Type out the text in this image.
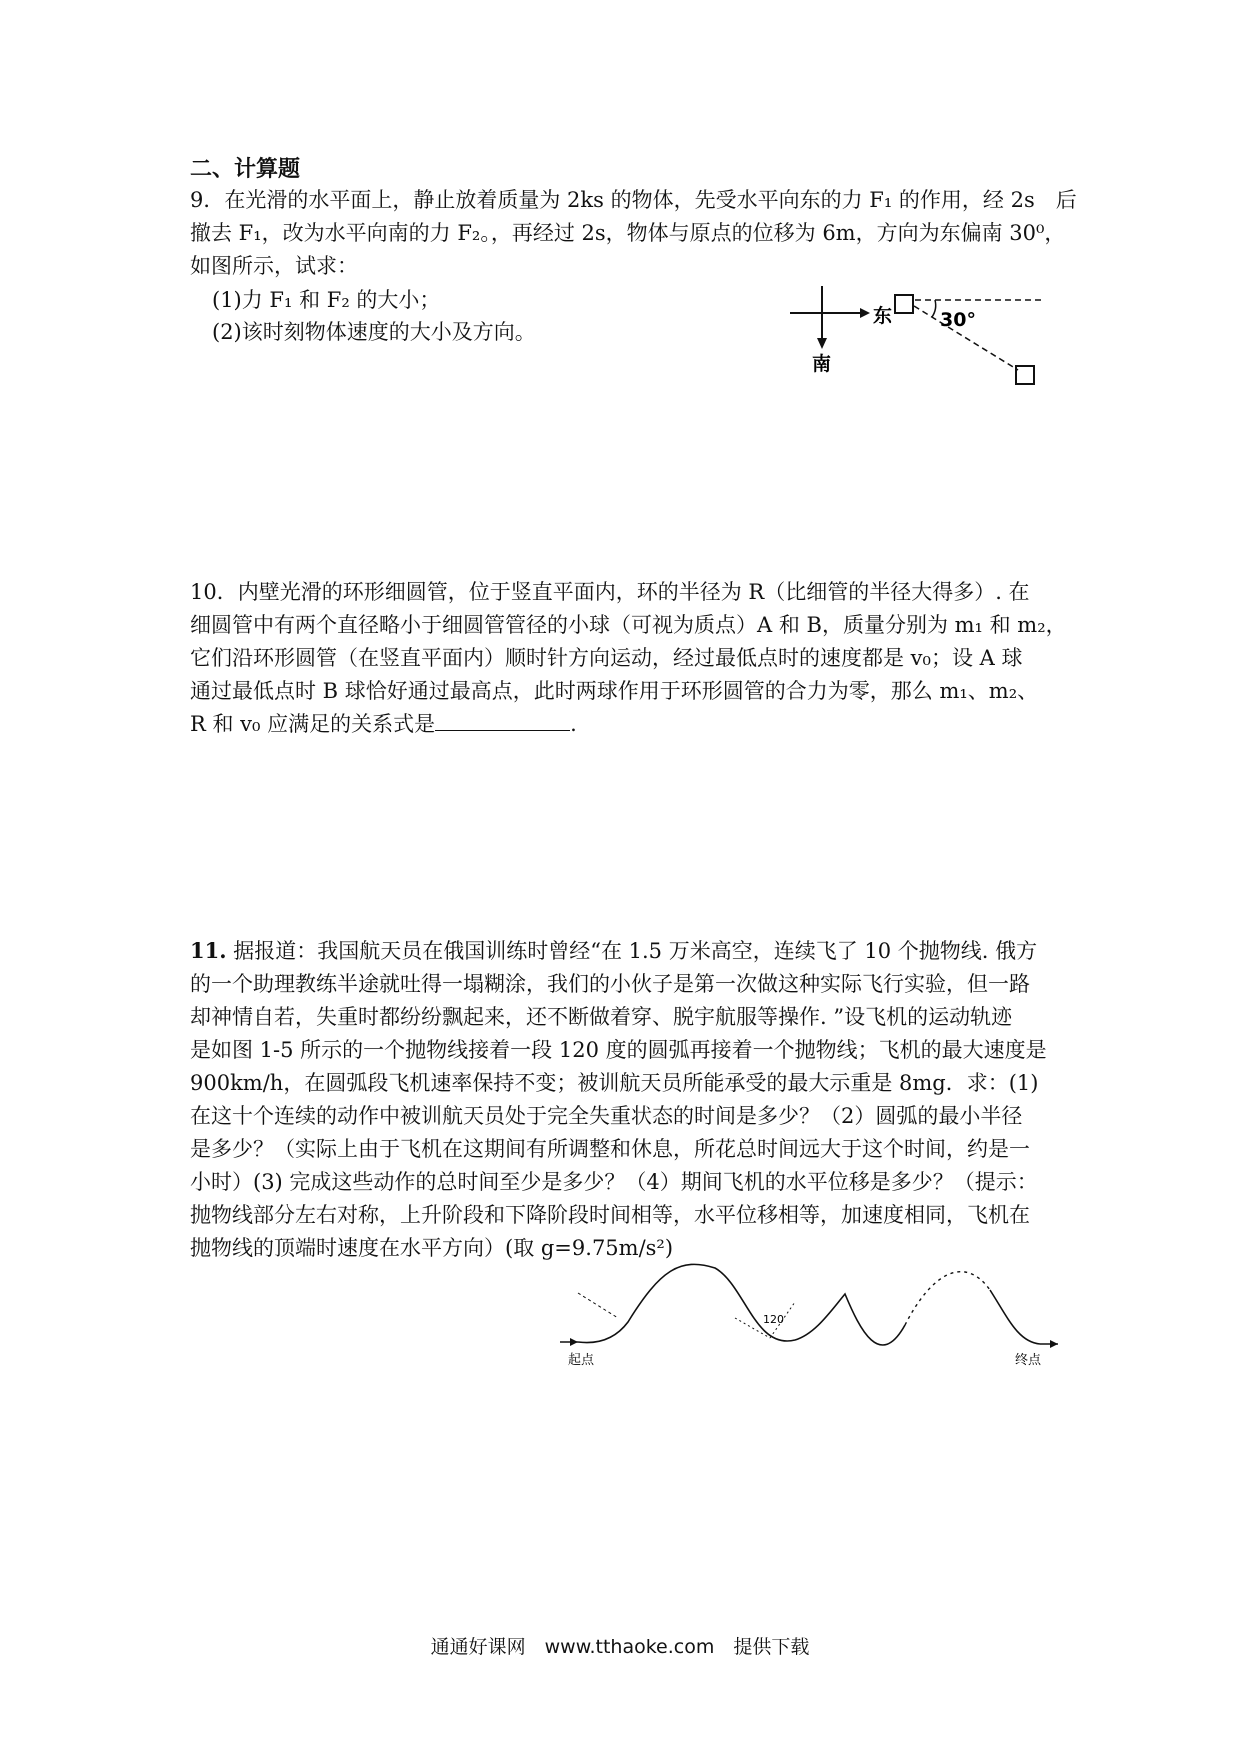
二、计算题
9．在光滑的水平面上，静止放着质量为 2ks 的物体，先受水平向东的力 F₁ 的作用，经 2s　后
撤去 F₁，改为水平向南的力 F₂。，再经过 2s，物体与原点的位移为 6m，方向为东偏南 30⁰，
如图所示，试求：
(1)力 F₁ 和 F₂ 的大小；
(2)该时刻物体速度的大小及方向。
东
南
30°
10．内壁光滑的环形细圆管，位于竖直平面内，环的半径为 R（比细管的半径大得多）. 在
细圆管中有两个直径略小于细圆管管径的小球（可视为质点）A 和 B，质量分别为 m₁ 和 m₂，
它们沿环形圆管（在竖直平面内）顺时针方向运动，经过最低点时的速度都是 v₀；设 A 球
通过最低点时 B 球恰好通过最高点，此时两球作用于环形圆管的合力为零，那么 m₁、m₂、
R 和 v₀ 应满足的关系式是	.
11. 据报道：我国航天员在俄国训练时曾经“在 1.5 万米高空，连续飞了 10 个抛物线. 俄方
的一个助理教练半途就吐得一塌糊涂，我们的小伙子是第一次做这种实际飞行实验，但一路
却神情自若，失重时都纷纷飘起来，还不断做着穿、脱宇航服等操作. ”设飞机的运动轨迹
是如图 1-5 所示的一个抛物线接着一段 120 度的圆弧再接着一个抛物线；飞机的最大速度是
900km/h，在圆弧段飞机速率保持不变；被训航天员所能承受的最大示重是 8mg．求：(1)
在这十个连续的动作中被训航天员处于完全失重状态的时间是多少？（2）圆弧的最小半径
是多少？（实际上由于飞机在这期间有所调整和休息，所花总时间远大于这个时间，约是一
小时）(3) 完成这些动作的总时间至少是多少？（4）期间飞机的水平位移是多少？（提示：
抛物线部分左右对称，上升阶段和下降阶段时间相等，水平位移相等，加速度相同，飞机在
抛物线的顶端时速度在水平方向）(取 g=9.75m/s²)
120
起点	终点
通通好课网　www.tthaoke.com　提供下载
